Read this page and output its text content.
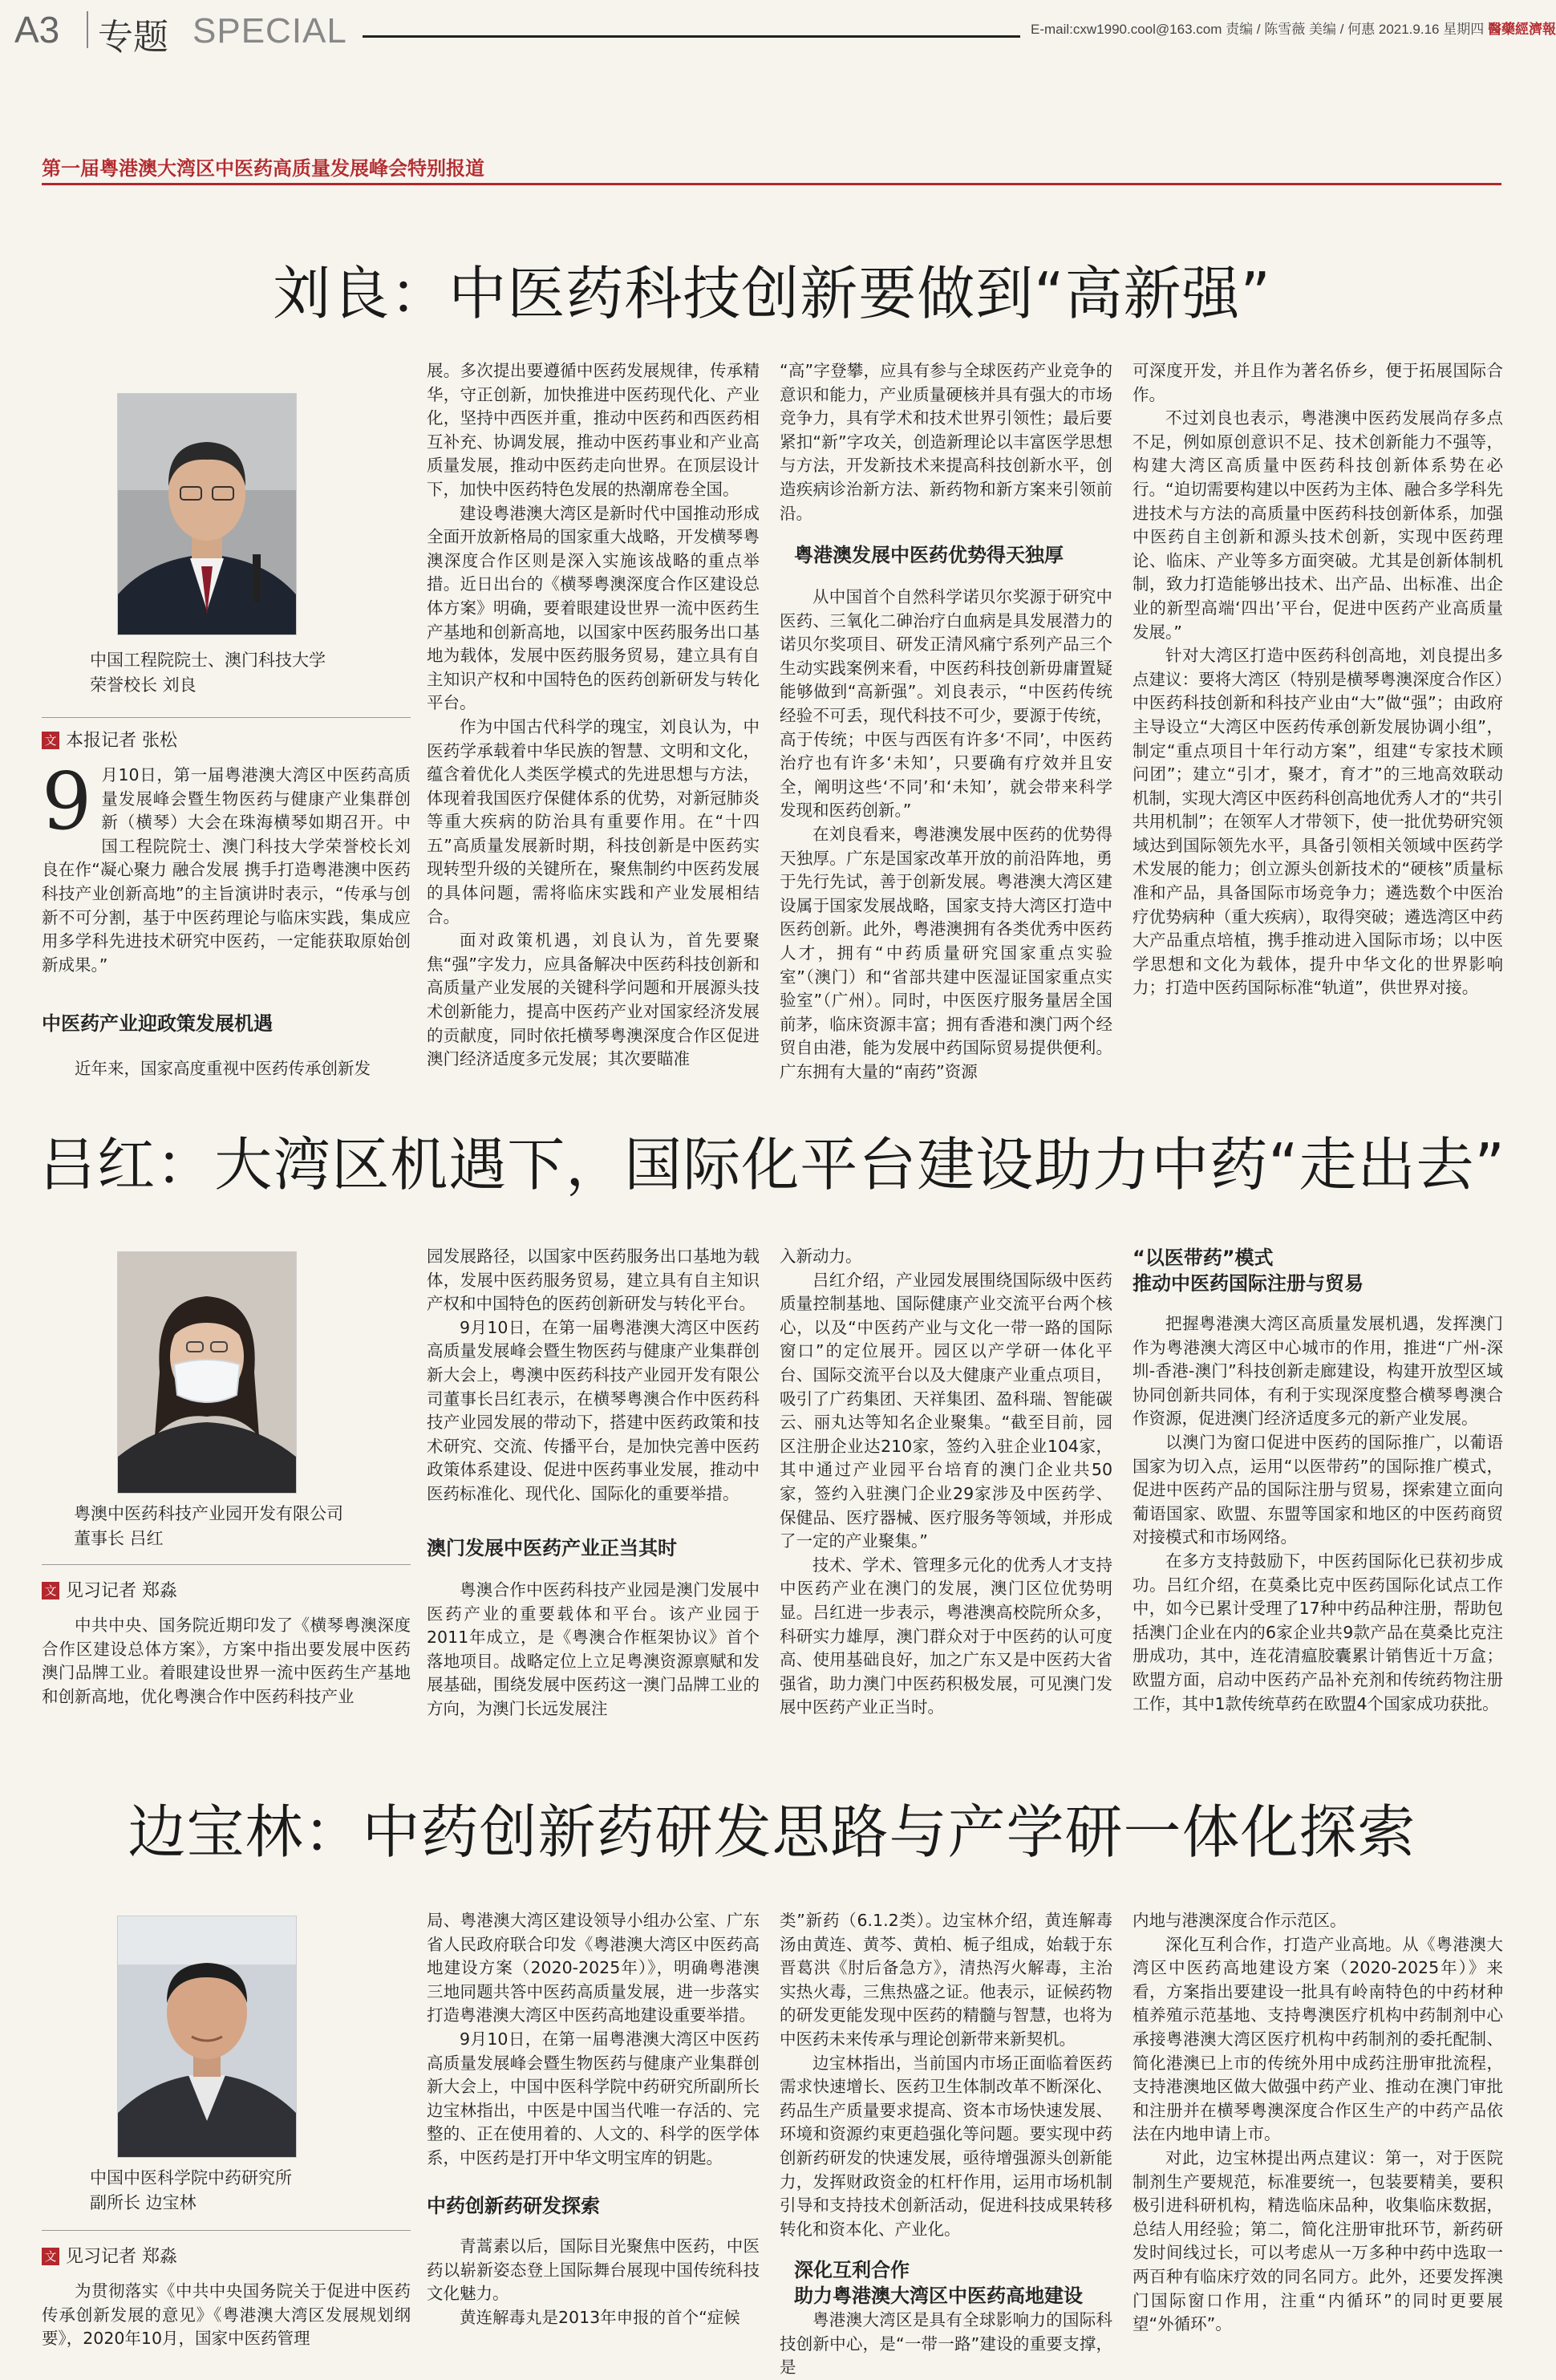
A3 专题 SPECIAL	E-mail:cxw1990.cool@163.com 责编 / 陈雪薇 美编 / 何惠 2021.9.16 星期四 醫藥經濟報
第一届粤港澳大湾区中医药高质量发展峰会特别报道
刘良：中医药科技创新要做到“高新强”
中国工程院院士、澳门科技大学
荣誉校长 刘良
文 本报记者 张松
9 月10日，第一届粤港澳大湾区中医药高质量发展峰会暨生物医药与健康产业集群创新（横琴）大会在珠海横琴如期召开。中国工程院院士、澳门科技大学荣誉校长刘良在作“凝心聚力 融合发展 携手打造粤港澳中医药科技产业创新高地”的主旨演讲时表示，“传承与创新不可分割，基于中医药理论与临床实践，集成应用多学科先进技术研究中医药，一定能获取原始创新成果。”
中医药产业迎政策发展机遇

近年来，国家高度重视中医药传承创新发

展。多次提出要遵循中医药发展规律，传承精华，守正创新，加快推进中医药现代化、产业化，坚持中西医并重，推动中医药和西医药相互补充、协调发展，推动中医药事业和产业高质量发展，推动中医药走向世界。在顶层设计下，加快中医药特色发展的热潮席卷全国。

建设粤港澳大湾区是新时代中国推动形成全面开放新格局的国家重大战略，开发横琴粤澳深度合作区则是深入实施该战略的重点举措。近日出台的《横琴粤澳深度合作区建设总体方案》明确，要着眼建设世界一流中医药生产基地和创新高地，以国家中医药服务出口基地为载体，发展中医药服务贸易，建立具有自主知识产权和中国特色的医药创新研发与转化平台。

作为中国古代科学的瑰宝，刘良认为，中医药学承载着中华民族的智慧、文明和文化，蕴含着优化人类医学模式的先进思想与方法，体现着我国医疗保健体系的优势，对新冠肺炎等重大疾病的防治具有重要作用。在“十四五”高质量发展新时期，科技创新是中医药实现转型升级的关键所在，聚焦制约中医药发展的具体问题，需将临床实践和产业发展相结合。

面对政策机遇，刘良认为，首先要聚焦“强”字发力，应具备解决中医药科技创新和高质量产业发展的关键科学问题和开展源头技术创新能力，提高中医药产业对国家经济发展的贡献度，同时依托横琴粤澳深度合作区促进澳门经济适度多元发展；其次要瞄准

“高”字登攀，应具有参与全球医药产业竞争的意识和能力，产业质量硬核并具有强大的市场竞争力，具有学术和技术世界引领性；最后要紧扣“新”字攻关，创造新理论以丰富医学思想与方法，开发新技术来提高科技创新水平，创造疾病诊治新方法、新药物和新方案来引领前沿。

粤港澳发展中医药优势得天独厚

从中国首个自然科学诺贝尔奖源于研究中医药、三氧化二砷治疗白血病是具发展潜力的诺贝尔奖项目、研发正清风痛宁系列产品三个生动实践案例来看，中医药科技创新毋庸置疑能够做到“高新强”。刘良表示，“中医药传统经验不可丢，现代科技不可少，要源于传统，高于传统；中医与西医有许多‘不同’，中医药治疗也有许多‘未知’，只要确有疗效并且安全，阐明这些‘不同’和‘未知’，就会带来科学发现和医药创新。”

在刘良看来，粤港澳发展中医药的优势得天独厚。广东是国家改革开放的前沿阵地，勇于先行先试，善于创新发展。粤港澳大湾区建设属于国家发展战略，国家支持大湾区打造中医药创新。此外，粤港澳拥有各类优秀中医药人才，拥有“中药质量研究国家重点实验室”（澳门）和“省部共建中医湿证国家重点实验室”（广州）。同时，中医医疗服务量居全国前茅，临床资源丰富；拥有香港和澳门两个经贸自由港，能为发展中药国际贸易提供便利。广东拥有大量的“南药”资源

可深度开发，并且作为著名侨乡，便于拓展国际合作。

不过刘良也表示，粤港澳中医药发展尚存多点不足，例如原创意识不足、技术创新能力不强等，构建大湾区高质量中医药科技创新体系势在必行。“迫切需要构建以中医药为主体、融合多学科先进技术与方法的高质量中医药科技创新体系，加强中医药自主创新和源头技术创新，实现中医药理论、临床、产业等多方面突破。尤其是创新体制机制，致力打造能够出技术、出产品、出标准、出企业的新型高端‘四出’平台，促进中医药产业高质量发展。”

针对大湾区打造中医药科创高地，刘良提出多点建议：要将大湾区（特别是横琴粤澳深度合作区）中医药科技创新和科技产业由“大”做“强”；由政府主导设立“大湾区中医药传承创新发展协调小组”，制定“重点项目十年行动方案”，组建“专家技术顾问团”；建立“引才，聚才，育才”的三地高效联动机制，实现大湾区中医药科创高地优秀人才的“共引共用机制”；在领军人才带领下，使一批优势研究领域达到国际领先水平，具备引领相关领域中医药学术发展的能力；创立源头创新技术的“硬核”质量标准和产品，具备国际市场竞争力；遴选数个中医治疗优势病种（重大疾病），取得突破；遴选湾区中药大产品重点培植，携手推动进入国际市场；以中医学思想和文化为载体，提升中华文化的世界影响力；打造中医药国际标准“轨道”，供世界对接。

吕红：大湾区机遇下，国际化平台建设助力中药“走出去”
粤澳中医药科技产业园开发有限公司
董事长 吕红
文 见习记者 郑淼

中共中央、国务院近期印发了《横琴粤澳深度合作区建设总体方案》，方案中指出要发展中医药澳门品牌工业。着眼建设世界一流中医药生产基地和创新高地，优化粤澳合作中医药科技产业

园发展路径，以国家中医药服务出口基地为载体，发展中医药服务贸易，建立具有自主知识产权和中国特色的医药创新研发与转化平台。

9月10日，在第一届粤港澳大湾区中医药高质量发展峰会暨生物医药与健康产业集群创新大会上，粤澳中医药科技产业园开发有限公司董事长吕红表示，在横琴粤澳合作中医药科技产业园发展的带动下，搭建中医药政策和技术研究、交流、传播平台，是加快完善中医药政策体系建设、促进中医药事业发展，推动中医药标准化、现代化、国际化的重要举措。

澳门发展中医药产业正当其时

粤澳合作中医药科技产业园是澳门发展中医药产业的重要载体和平台。该产业园于2011年成立，是《粤澳合作框架协议》首个落地项目。战略定位上立足粤澳资源禀赋和发展基础，围绕发展中医药这一澳门品牌工业的方向，为澳门长远发展注

入新动力。

吕红介绍，产业园发展围绕国际级中医药质量控制基地、国际健康产业交流平台两个核心，以及“中医药产业与文化一带一路的国际窗口”的定位展开。园区以产学研一体化平台、国际交流平台以及大健康产业重点项目，吸引了广药集团、天祥集团、盈科瑞、智能碳云、丽丸达等知名企业聚集。“截至目前，园区注册企业达210家，签约入驻企业104家，其中通过产业园平台培育的澳门企业共50家，签约入驻澳门企业29家涉及中医药学、保健品、医疗器械、医疗服务等领域，并形成了一定的产业聚集。”

技术、学术、管理多元化的优秀人才支持中医药产业在澳门的发展，澳门区位优势明显。吕红进一步表示，粤港澳高校院所众多，科研实力雄厚，澳门群众对于中医药的认可度高、使用基础良好，加之广东又是中医药大省强省，助力澳门中医药积极发展，可见澳门发展中医药产业正当时。

“以医带药”模式
推动中医药国际注册与贸易

把握粤港澳大湾区高质量发展机遇，发挥澳门作为粤港澳大湾区中心城市的作用，推进“广州-深圳-香港-澳门”科技创新走廊建设，构建开放型区域协同创新共同体，有利于实现深度整合横琴粤澳合作资源，促进澳门经济适度多元的新产业发展。

以澳门为窗口促进中医药的国际推广，以葡语国家为切入点，运用“以医带药”的国际推广模式，促进中医药产品的国际注册与贸易，探索建立面向葡语国家、欧盟、东盟等国家和地区的中医药商贸对接模式和市场网络。

在多方支持鼓励下，中医药国际化已获初步成功。吕红介绍，在莫桑比克中医药国际化试点工作中，如今已累计受理了17种中药品种注册，帮助包括澳门企业在内的6家企业共9款产品在莫桑比克注册成功，其中，连花清瘟胶囊累计销售近十万盒；欧盟方面，启动中医药产品补充剂和传统药物注册工作，其中1款传统草药在欧盟4个国家成功获批。

边宝林：中药创新药研发思路与产学研一体化探索
中国中医科学院中药研究所
副所长 边宝林
文 见习记者 郑淼

为贯彻落实《中共中央国务院关于促进中医药传承创新发展的意见》《粤港澳大湾区发展规划纲要》，2020年10月，国家中医药管理

局、粤港澳大湾区建设领导小组办公室、广东省人民政府联合印发《粤港澳大湾区中医药高地建设方案（2020-2025年）》，明确粤港澳三地同题共答中医药高质量发展，进一步落实打造粤港澳大湾区中医药高地建设重要举措。

9月10日，在第一届粤港澳大湾区中医药高质量发展峰会暨生物医药与健康产业集群创新大会上，中国中医科学院中药研究所副所长边宝林指出，中医是中国当代唯一存活的、完整的、正在使用着的、人文的、科学的医学体系，中医药是打开中华文明宝库的钥匙。

中药创新药研发探索

青蒿素以后，国际目光聚焦中医药，中医药以崭新姿态登上国际舞台展现中国传统科技文化魅力。

黄连解毒丸是2013年申报的首个“症候

类”新药（6.1.2类）。边宝林介绍，黄连解毒汤由黄连、黄芩、黄柏、栀子组成，始载于东晋葛洪《肘后备急方》，清热泻火解毒，主治实热火毒，三焦热盛之证。他表示，证候药物的研发更能发现中医药的精髓与智慧，也将为中医药未来传承与理论创新带来新契机。

边宝林指出，当前国内市场正面临着医药需求快速增长、医药卫生体制改革不断深化、药品生产质量要求提高、资本市场快速发展、环境和资源约束更趋强化等问题。要实现中药创新药研发的快速发展，亟待增强源头创新能力，发挥财政资金的杠杆作用，运用市场机制引导和支持技术创新活动，促进科技成果转移转化和资本化、产业化。

深化互利合作
助力粤港澳大湾区中医药高地建设

粤港澳大湾区是具有全球影响力的国际科技创新中心，是“一带一路”建设的重要支撑，是

内地与港澳深度合作示范区。

深化互利合作，打造产业高地。从《粤港澳大湾区中医药高地建设方案（2020-2025年）》来看，方案指出要建设一批具有岭南特色的中药材种植养殖示范基地、支持粤澳医疗机构中药制剂中心承接粤港澳大湾区医疗机构中药制剂的委托配制、简化港澳已上市的传统外用中成药注册审批流程，支持港澳地区做大做强中药产业、推动在澳门审批和注册并在横琴粤澳深度合作区生产的中药产品依法在内地申请上市。

对此，边宝林提出两点建议：第一，对于医院制剂生产要规范，标准要统一，包装要精美，要积极引进科研机构，精选临床品种，收集临床数据，总结人用经验；第二，简化注册审批环节，新药研发时间线过长，可以考虑从一万多种中药中选取一两百种有临床疗效的同名同方。此外，还要发挥澳门国际窗口作用，注重“内循环”的同时更要展望“外循环”。
